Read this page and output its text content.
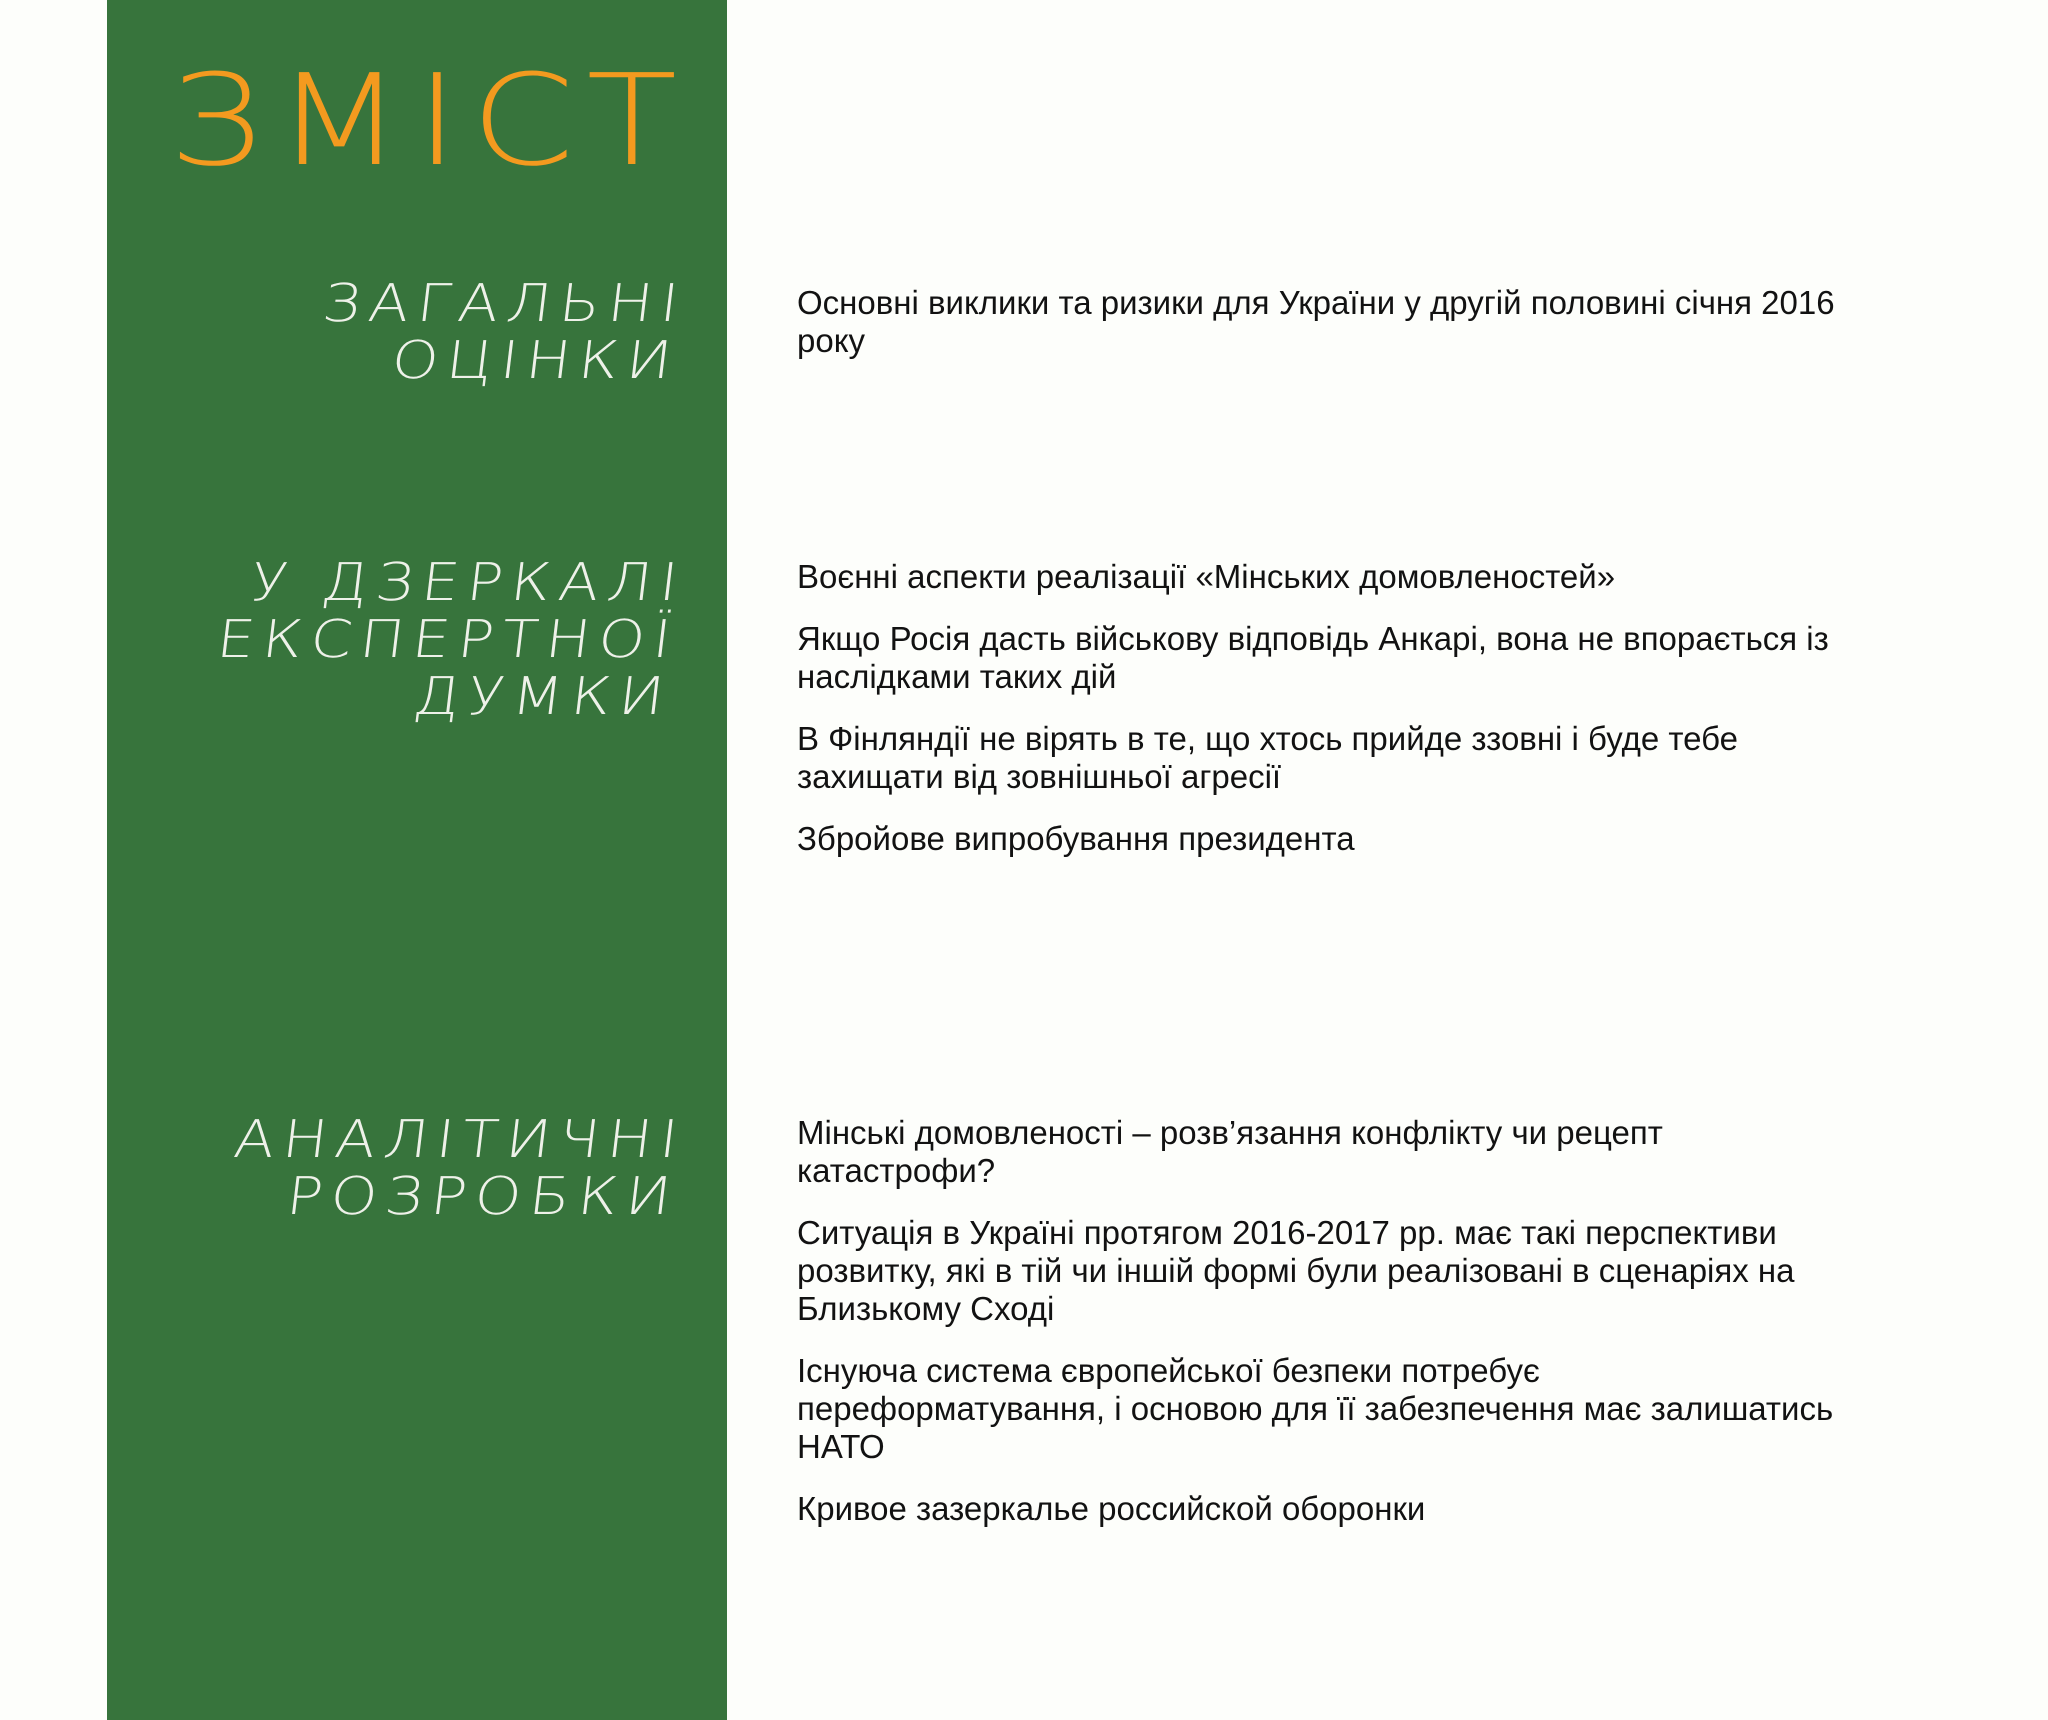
ЗМІСТ
ЗАГАЛЬНІ
ОЦІНКИ
У ДЗЕРКАЛІ
ЕКСПЕРТНОЇ
ДУМКИ
АНАЛІТИЧНІ
РОЗРОБКИ
Основні виклики та ризики для України у другій половині січня 2016 року
Воєнні аспекти реалізації «Мінських домовленостей»
Якщо Росія дасть військову відповідь Анкарі, вона не впорається із наслідками таких дій
В Фінляндії не вірять в те, що хтось прийде ззовні і буде тебе захищати від зовнішньої агресії
Збройове випробування президента
Мінські домовленості – розв’язання конфлікту чи рецепт катастрофи?
Ситуація в Україні протягом 2016-2017 рр. має такі перспективи розвитку, які в тій чи іншій формі були реалізовані в сценаріях на Близькому Сході
Існуюча система європейської безпеки потребує переформатування, і основою для її забезпечення має залишатись НАТО
Кривое зазеркалье российской оборонки
